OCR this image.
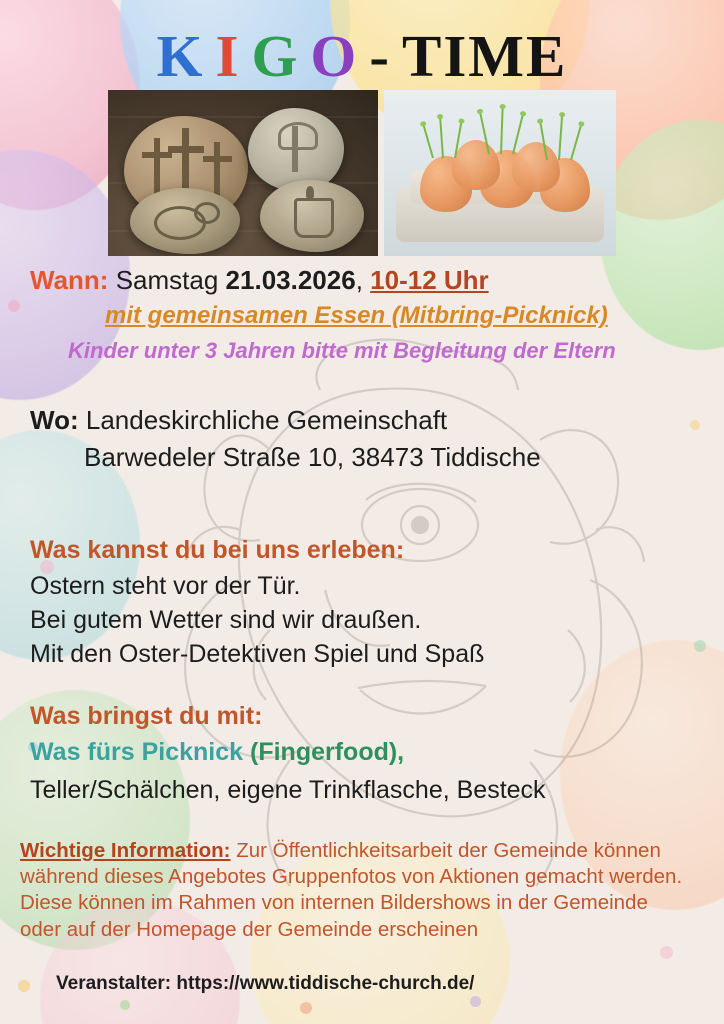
K I G O - TIME
Wann: Samstag 21.03.2026, 10-12 Uhr
mit gemeinsamen Essen (Mitbring-Picknick)
Kinder unter 3 Jahren bitte mit Begleitung der Eltern
Wo: Landeskirchliche Gemeinschaft
Barwedeler Straße 10, 38473 Tiddische
Was kannst du bei uns erleben:
Ostern steht vor der Tür.
Bei gutem Wetter sind wir draußen.
Mit den Oster-Detektiven Spiel und Spaß
Was bringst du mit:
Was fürs Picknick (Fingerfood),
Teller/Schälchen, eigene Trinkflasche, Besteck
Wichtige Information: Zur Öffentlichkeitsarbeit der Gemeinde können
während dieses Angebotes Gruppenfotos von Aktionen gemacht werden.
Diese können im Rahmen von internen Bildershows in der Gemeinde
oder auf der Homepage der Gemeinde erscheinen
Veranstalter: https://www.tiddische-church.de/
